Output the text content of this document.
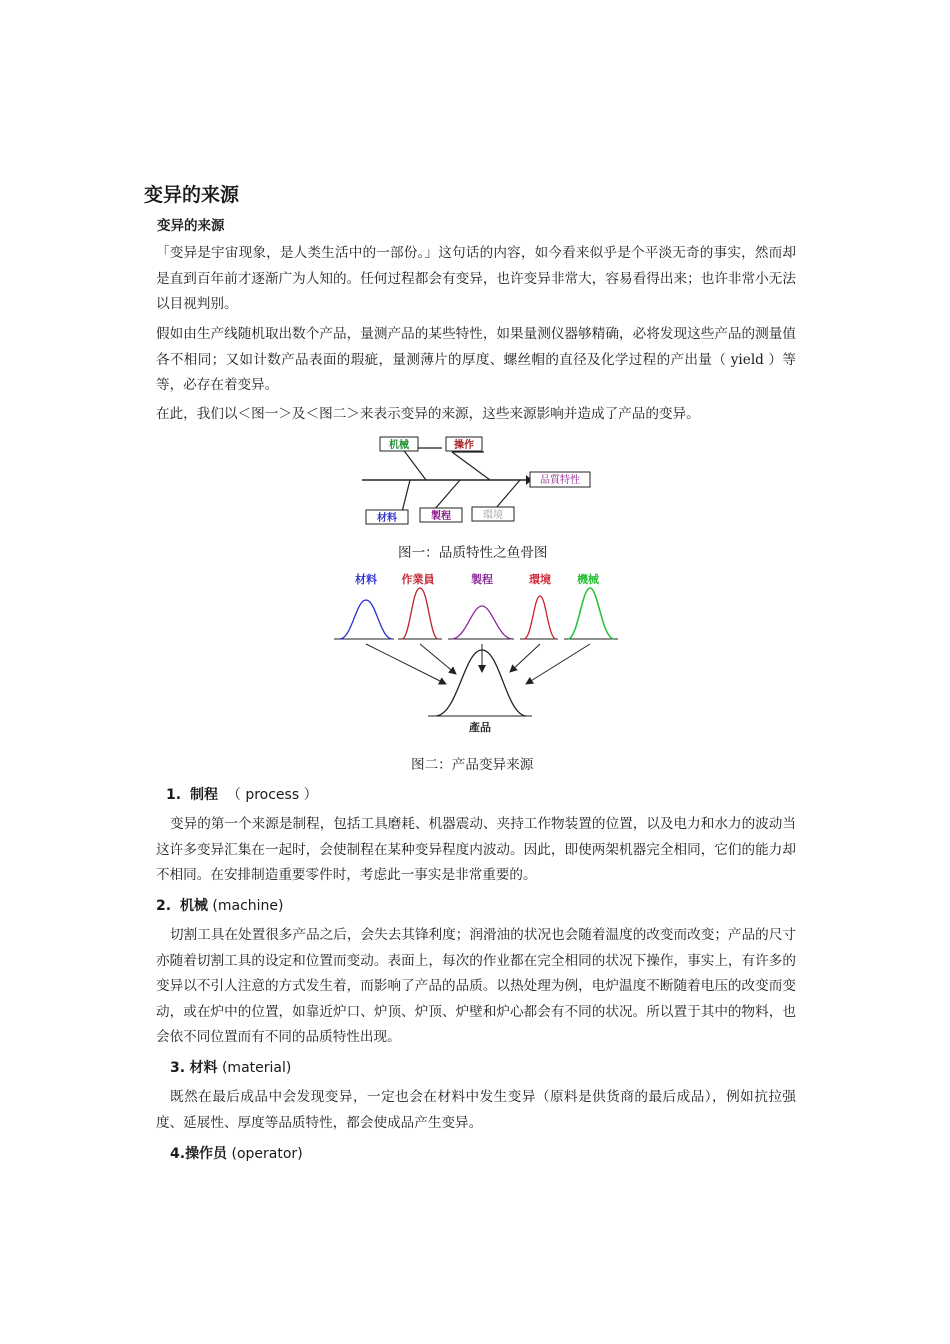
变异的来源
变异的来源

「变异是宇宙现象，是人类生活中的一部份。」这句话的内容，如今看来似乎是个平淡无奇的事实，然而却是直到百年前才逐渐广为人知的。任何过程都会有变异，也许变异非常大，容易看得出来；也许非常小无法以目视判别。

假如由生产线随机取出数个产品，量测产品的某些特性，如果量测仪器够精确，必将发现这些产品的测量值各不相同；又如计数产品表面的瑕疵，量测薄片的厚度、螺丝帽的直径及化学过程的产出量（ yield ）等等，必存在着变异。

在此，我们以＜图一＞及＜图二＞来表示变异的来源，这些来源影响并造成了产品的变异。

机械	操作
品質特性
材料	製程	環境

图一：品质特性之鱼骨图

材料 作業員	製程	環境 機械
產品

图二：产品变异来源

1. 制程 （ process ）

变异的第一个来源是制程，包括工具磨耗、机器震动、夹持工作物装置的位置，以及电力和水力的波动当这许多变异汇集在一起时，会使制程在某种变异程度内波动。因此，即使两架机器完全相同，它们的能力却不相同。在安排制造重要零件时，考虑此一事实是非常重要的。

2. 机械 (machine)

切割工具在处置很多产品之后，会失去其锋利度；润滑油的状况也会随着温度的改变而改变；产品的尺寸亦随着切割工具的设定和位置而变动。表面上，每次的作业都在完全相同的状况下操作，事实上，有许多的变异以不引人注意的方式发生着，而影响了产品的品质。以热处理为例，电炉温度不断随着电压的改变而变动，或在炉中的位置，如靠近炉口、炉顶、炉顶、炉壁和炉心都会有不同的状况。所以置于其中的物料，也会依不同位置而有不同的品质特性出现。

3. 材料 (material)

既然在最后成品中会发现变异，一定也会在材料中发生变异（原料是供货商的最后成品），例如抗拉强度、延展性、厚度等品质特性，都会使成品产生变异。

4.操作员 (operator)
